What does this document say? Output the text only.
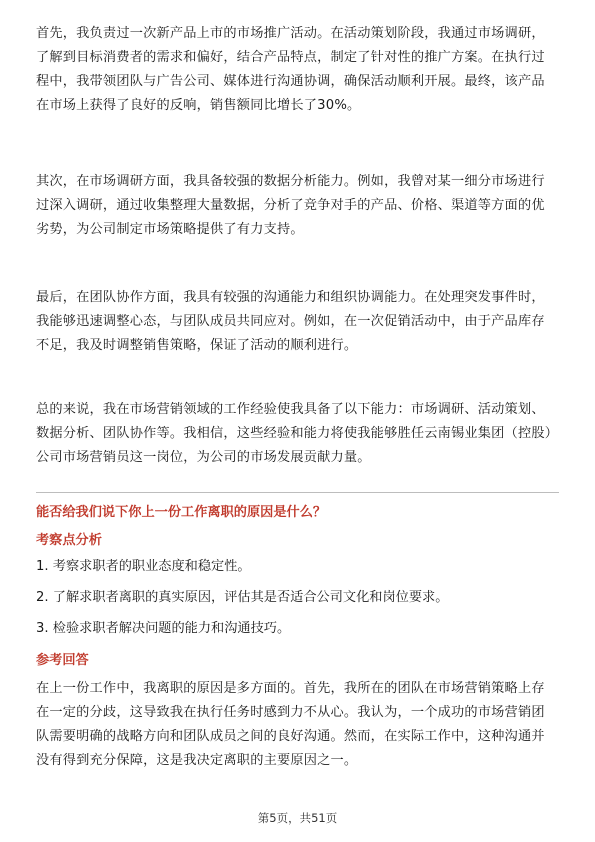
首先，我负责过一次新产品上市的市场推广活动。在活动策划阶段，我通过市场调研，了解到目标消费者的需求和偏好，结合产品特点，制定了针对性的推广方案。在执行过程中，我带领团队与广告公司、媒体进行沟通协调，确保活动顺利开展。最终，该产品在市场上获得了良好的反响，销售额同比增长了30%。

其次，在市场调研方面，我具备较强的数据分析能力。例如，我曾对某一细分市场进行过深入调研，通过收集整理大量数据，分析了竞争对手的产品、价格、渠道等方面的优劣势，为公司制定市场策略提供了有力支持。

最后，在团队协作方面，我具有较强的沟通能力和组织协调能力。在处理突发事件时，我能够迅速调整心态，与团队成员共同应对。例如，在一次促销活动中，由于产品库存不足，我及时调整销售策略，保证了活动的顺利进行。

总的来说，我在市场营销领域的工作经验使我具备了以下能力：市场调研、活动策划、数据分析、团队协作等。我相信，这些经验和能力将使我能够胜任云南锡业集团（控股）公司市场营销员这一岗位，为公司的市场发展贡献力量。

能否给我们说下你上一份工作离职的原因是什么？

考察点分析

1. 考察求职者的职业态度和稳定性。

2. 了解求职者离职的真实原因，评估其是否适合公司文化和岗位要求。

3. 检验求职者解决问题的能力和沟通技巧。

参考回答

在上一份工作中，我离职的原因是多方面的。首先，我所在的团队在市场营销策略上存在一定的分歧，这导致我在执行任务时感到力不从心。我认为，一个成功的市场营销团队需要明确的战略方向和团队成员之间的良好沟通。然而，在实际工作中，这种沟通并没有得到充分保障，这是我决定离职的主要原因之一。

第5页，共51页
